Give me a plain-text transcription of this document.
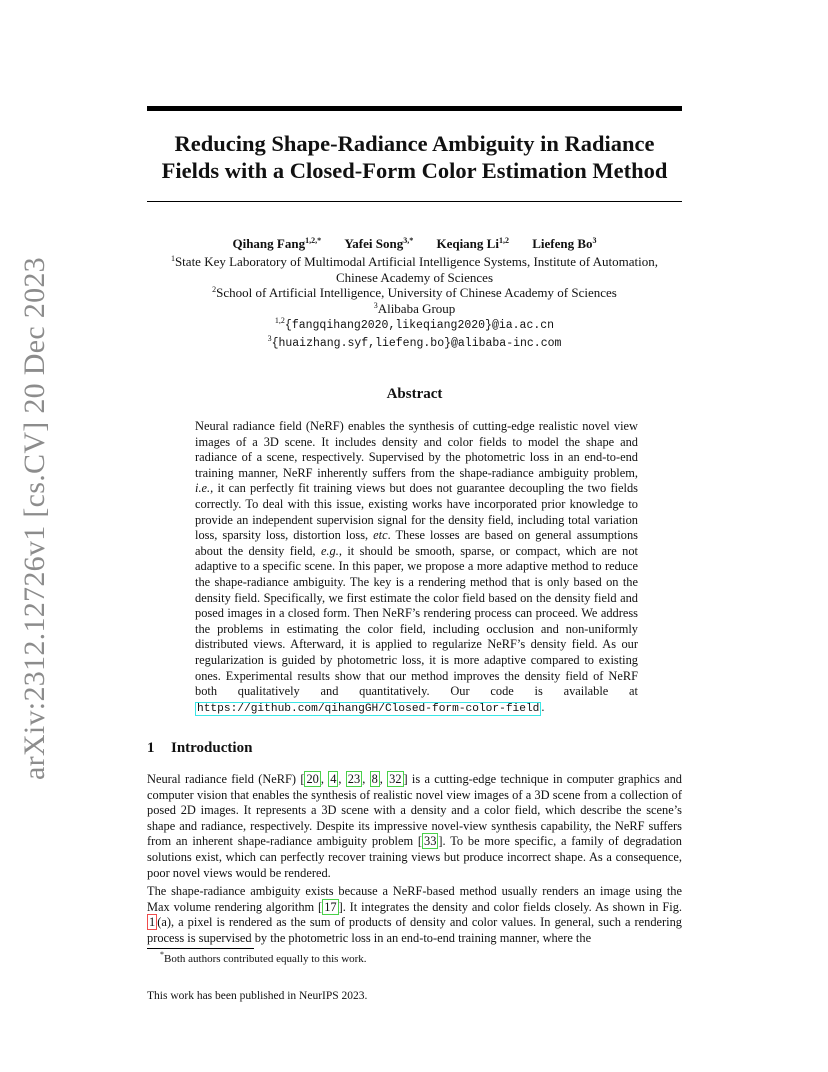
arXiv:2312.12726v1 [cs.CV] 20 Dec 2023
Reducing Shape-Radiance Ambiguity in Radiance
Fields with a Closed-Form Color Estimation Method
Qihang Fang$^{1,2,*}$ Yafei Song$^{3,*}$ Keqiang Li$^{1,2}$ Liefeng Bo$^3$
$^1$State Key Laboratory of Multimodal Artificial Intelligence Systems, Institute of Automation,
Chinese Academy of Sciences
$^2$School of Artificial Intelligence, University of Chinese Academy of Sciences
$^3$Alibaba Group
$^{1,2}${fangqihang2020,likeqiang2020}@ia.ac.cn
$^3${huaizhang.syf,liefeng.bo}@alibaba-inc.com
Abstract

Neural radiance field (NeRF) enables the synthesis of cutting-edge realistic novel view images of a 3D scene. It includes density and color fields to model the shape and radiance of a scene, respectively. Supervised by the photometric loss in an end-to-end training manner, NeRF inherently suffers from the shape-radiance ambiguity problem, i.e., it can perfectly fit training views but does not guarantee decoupling the two fields correctly. To deal with this issue, existing works have incorporated prior knowledge to provide an independent supervision signal for the density field, including total variation loss, sparsity loss, distortion loss, etc. These losses are based on general assumptions about the density field, e.g., it should be smooth, sparse, or compact, which are not adaptive to a specific scene. In this paper, we propose a more adaptive method to reduce the shape-radiance ambiguity. The key is a rendering method that is only based on the density field. Specifically, we first estimate the color field based on the density field and posed images in a closed form. Then NeRF’s rendering process can proceed. We address the problems in estimating the color field, including occlusion and non-uniformly distributed views. Afterward, it is applied to regularize NeRF’s density field. As our regularization is guided by photometric loss, it is more adaptive compared to existing ones. Experimental results show that our method improves the density field of NeRF both qualitatively and quantitatively. Our code is available at https://github.com/qihangGH/Closed-form-color-field .

1 Introduction

Neural radiance field (NeRF) [ 20 , 4 , 23 , 8 , 32 ] is a cutting-edge technique in computer graphics and computer vision that enables the synthesis of realistic novel view images of a 3D scene from a collection of posed 2D images. It represents a 3D scene with a density and a color field, which describe the scene’s shape and radiance, respectively. Despite its impressive novel-view synthesis capability, the NeRF suffers from an inherent shape-radiance ambiguity problem [ 33 ]. To be more specific, a family of degradation solutions exist, which can perfectly recover training views but produce incorrect shape. As a consequence, poor novel views would be rendered.

The shape-radiance ambiguity exists because a NeRF-based method usually renders an image using the Max volume rendering algorithm [ 17 ]. It integrates the density and color fields closely. As shown in Fig. 1 (a), a pixel is rendered as the sum of products of density and color values. In general, such a rendering process is supervised by the photometric loss in an end-to-end training manner, where the

*Both authors contributed equally to this work.
This work has been published in NeurIPS 2023.
